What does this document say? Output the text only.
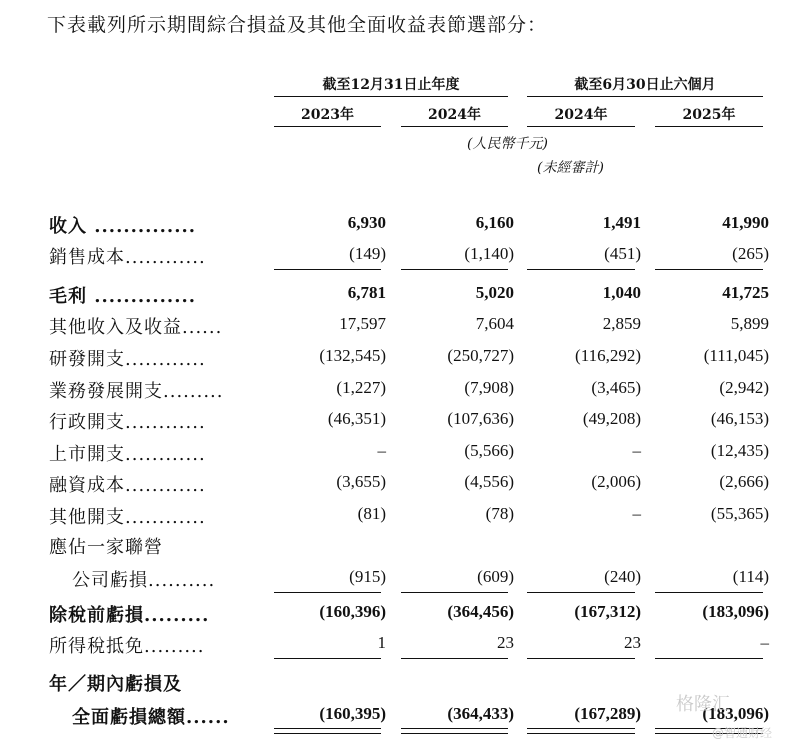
下表載列所示期間綜合損益及其他全面收益表節選部分：
截至12月31日止年度	截至6月30日止六個月
2023年	2024年	2024年	2025年
(人民幣千元)
(未經審計)
收入 ..............	6,930	6,160	1,491	41,990
銷售成本............	(149)	(1,140)	(451)	(265)
毛利 ..............	6,781	5,020	1,040	41,725
其他收入及收益......	17,597	7,604	2,859	5,899
研發開支............	(132,545)	(250,727)	(116,292)	(111,045)
業務發展開支.........	(1,227)	(7,908)	(3,465)	(2,942)
行政開支............	(46,351)	(107,636)	(49,208)	(46,153)
上市開支............	–	(5,566)	–	(12,435)
融資成本............	(3,655)	(4,556)	(2,006)	(2,666)
其他開支............	(81)	(78)	–	(55,365)
應佔一家聯營
公司虧損..........	(915)	(609)	(240)	(114)
除稅前虧損.........	(160,396)	(364,456)	(167,312)	(183,096)
所得稅抵免.........	1	23	23	–
年／期內虧損及
全面虧損總額......	(160,395)	(364,433)	(167,289)	(183,096)
格隆汇
@智通财经
